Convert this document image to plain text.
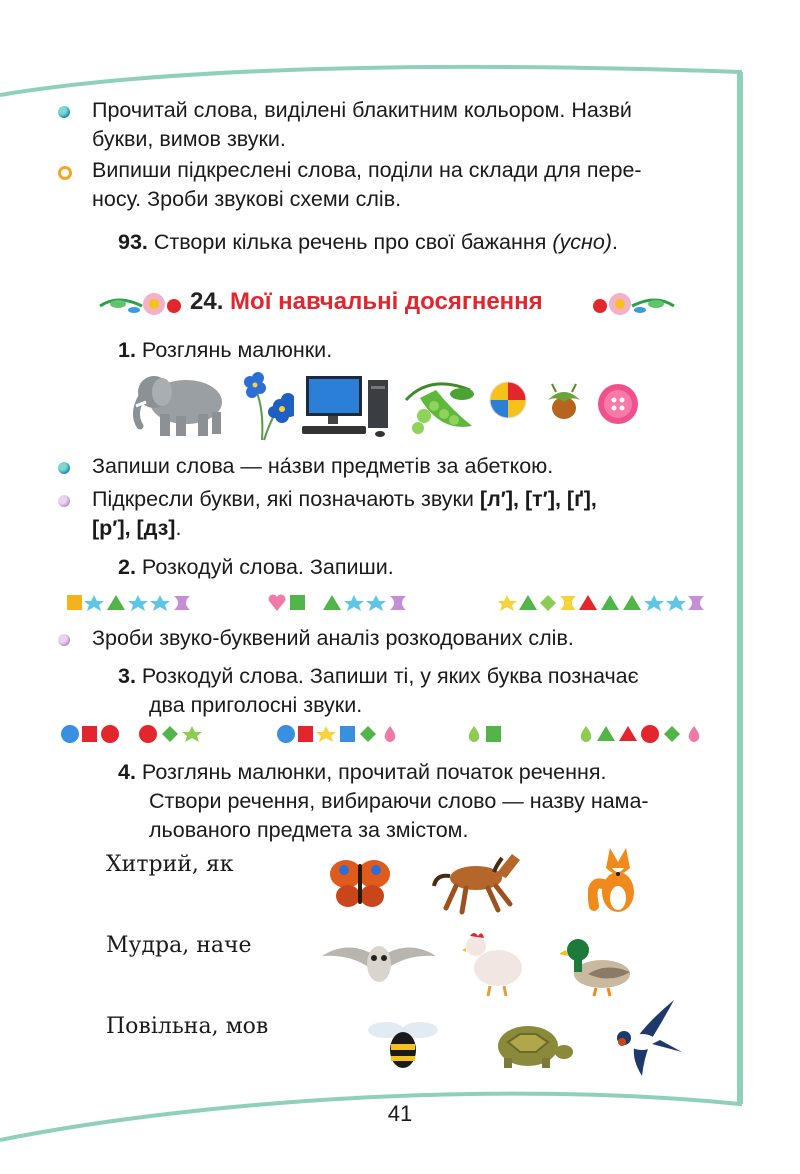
Прочитай слова, виділені блакитним кольором. Назви́
букви, вимов звуки.
Випиши підкреслені слова, поділи на склади для пере-
носу. Зроби звукові схеми слів.
93. Створи кілька речень про свої бажання (усно).
24. Мої навчальні досягнення
1. Розглянь малюнки.
Запиши слова — на́зви предметів за абеткою.
Підкресли букви, які позначають звуки [л′], [т′], [ґ],
[р′], [дз].
2. Розкодуй слова. Запиши.
Зроби звуко-буквений аналіз розкодованих слів.
3. Розкодуй слова. Запиши ті, у яких буква позначає
два приголосні звуки.
4. Розглянь малюнки, прочитай початок речення.
Створи речення, вибираючи слово — назву нама-
льованого предмета за змістом.
Хитрий, як
Мудра, наче
Повільна, мов
41
